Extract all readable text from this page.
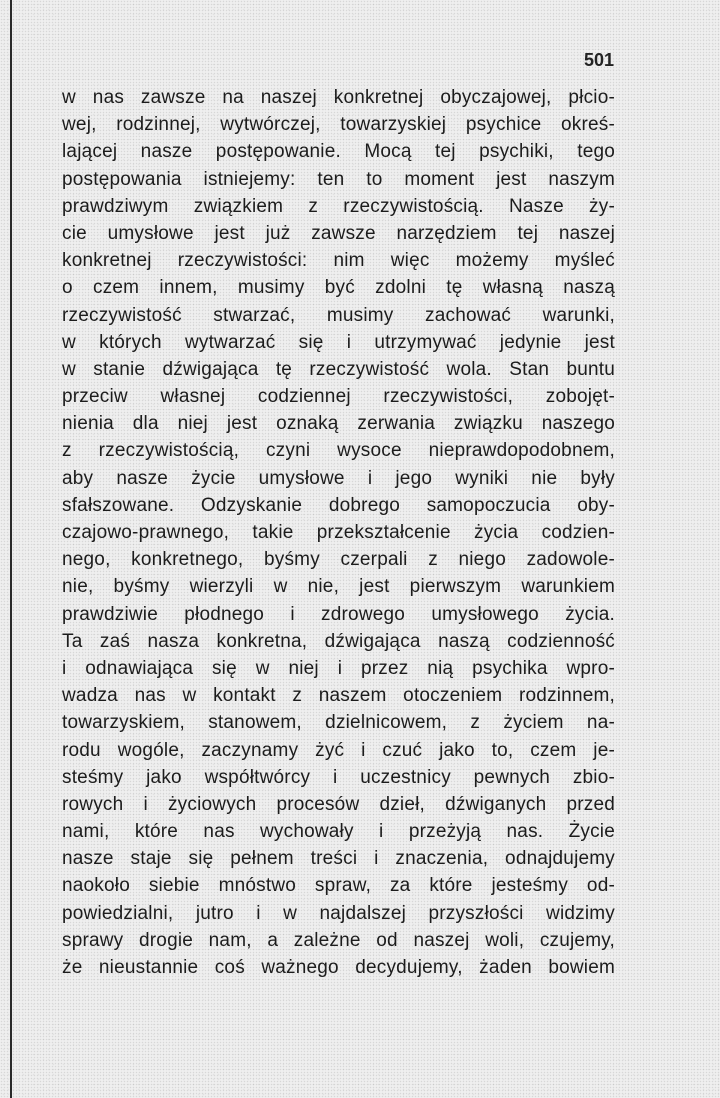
501
w nas zawsze na naszej konkretnej obyczajowej, płcio-
wej, rodzinnej, wytwórczej, towarzyskiej psychice okreś-
lającej nasze postępowanie. Mocą tej psychiki, tego
postępowania istniejemy: ten to moment jest naszym
prawdziwym związkiem z rzeczywistością. Nasze ży-
cie umysłowe jest już zawsze narzędziem tej naszej
konkretnej rzeczywistości: nim więc możemy myśleć
o czem innem, musimy być zdolni tę własną naszą
rzeczywistość stwarzać, musimy zachować warunki,
w których wytwarzać się i utrzymywać jedynie jest
w stanie dźwigająca tę rzeczywistość wola. Stan buntu
przeciw własnej codziennej rzeczywistości, zobojęt-
nienia dla niej jest oznaką zerwania związku naszego
z rzeczywistością, czyni wysoce nieprawdopodobnem,
aby nasze życie umysłowe i jego wyniki nie były
sfałszowane. Odzyskanie dobrego samopoczucia oby-
czajowo-prawnego, takie przekształcenie życia codzien-
nego, konkretnego, byśmy czerpali z niego zadowole-
nie, byśmy wierzyli w nie, jest pierwszym warunkiem
prawdziwie płodnego i zdrowego umysłowego życia.
Ta zaś nasza konkretna, dźwigająca naszą codzienność
i odnawiająca się w niej i przez nią psychika wpro-
wadza nas w kontakt z naszem otoczeniem rodzinnem,
towarzyskiem, stanowem, dzielnicowem, z życiem na-
rodu wogóle, zaczynamy żyć i czuć jako to, czem je-
steśmy jako współtwórcy i uczestnicy pewnych zbio-
rowych i życiowych procesów dzieł, dźwiganych przed
nami, które nas wychowały i przeżyją nas. Życie
nasze staje się pełnem treści i znaczenia, odnajdujemy
naokoło siebie mnóstwo spraw, za które jesteśmy od-
powiedzialni, jutro i w najdalszej przyszłości widzimy
sprawy drogie nam, a zależne od naszej woli, czujemy,
że nieustannie coś ważnego decydujemy, żaden bowiem
